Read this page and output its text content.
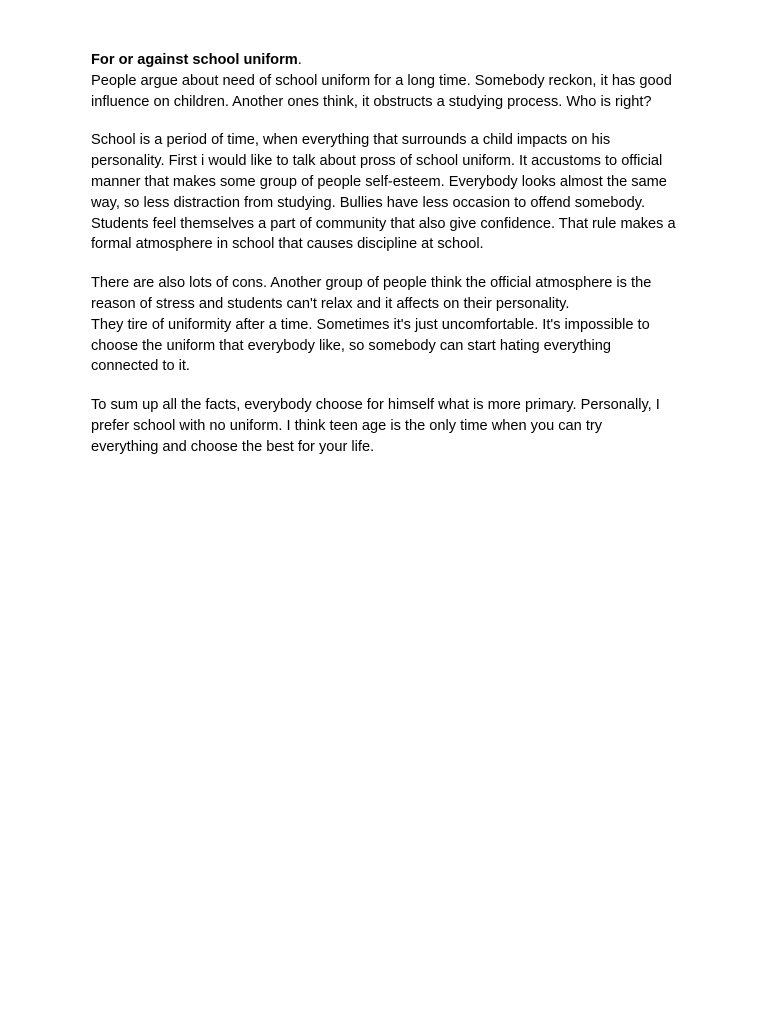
For or against school uniform.
People argue about need of school uniform for a long time. Somebody reckon, it has good
influence on children. Another ones think, it obstructs a studying process. Who is right?
School is a period of time, when everything that surrounds a child impacts on his
personality. First i would like to talk about pross of school uniform. It accustoms to official
manner that makes some group of people self-esteem. Everybody looks almost the same
way, so less distraction from studying. Bullies have less occasion to offend somebody.
Students feel themselves a part of community that also give confidence. That rule makes a
formal atmosphere in school that causes discipline at school.
There are also lots of cons. Another group of people think the official atmosphere is the
reason of stress and students can't relax and it affects on their personality.
They tire of uniformity after a time. Sometimes it's just uncomfortable. It's impossible to
choose the uniform that everybody like, so somebody can start hating everything
connected to it.
To sum up all the facts, everybody choose for himself what is more primary. Personally, I
prefer school with no uniform. I think teen age is the only time when you can try
everything and choose the best for your life.
